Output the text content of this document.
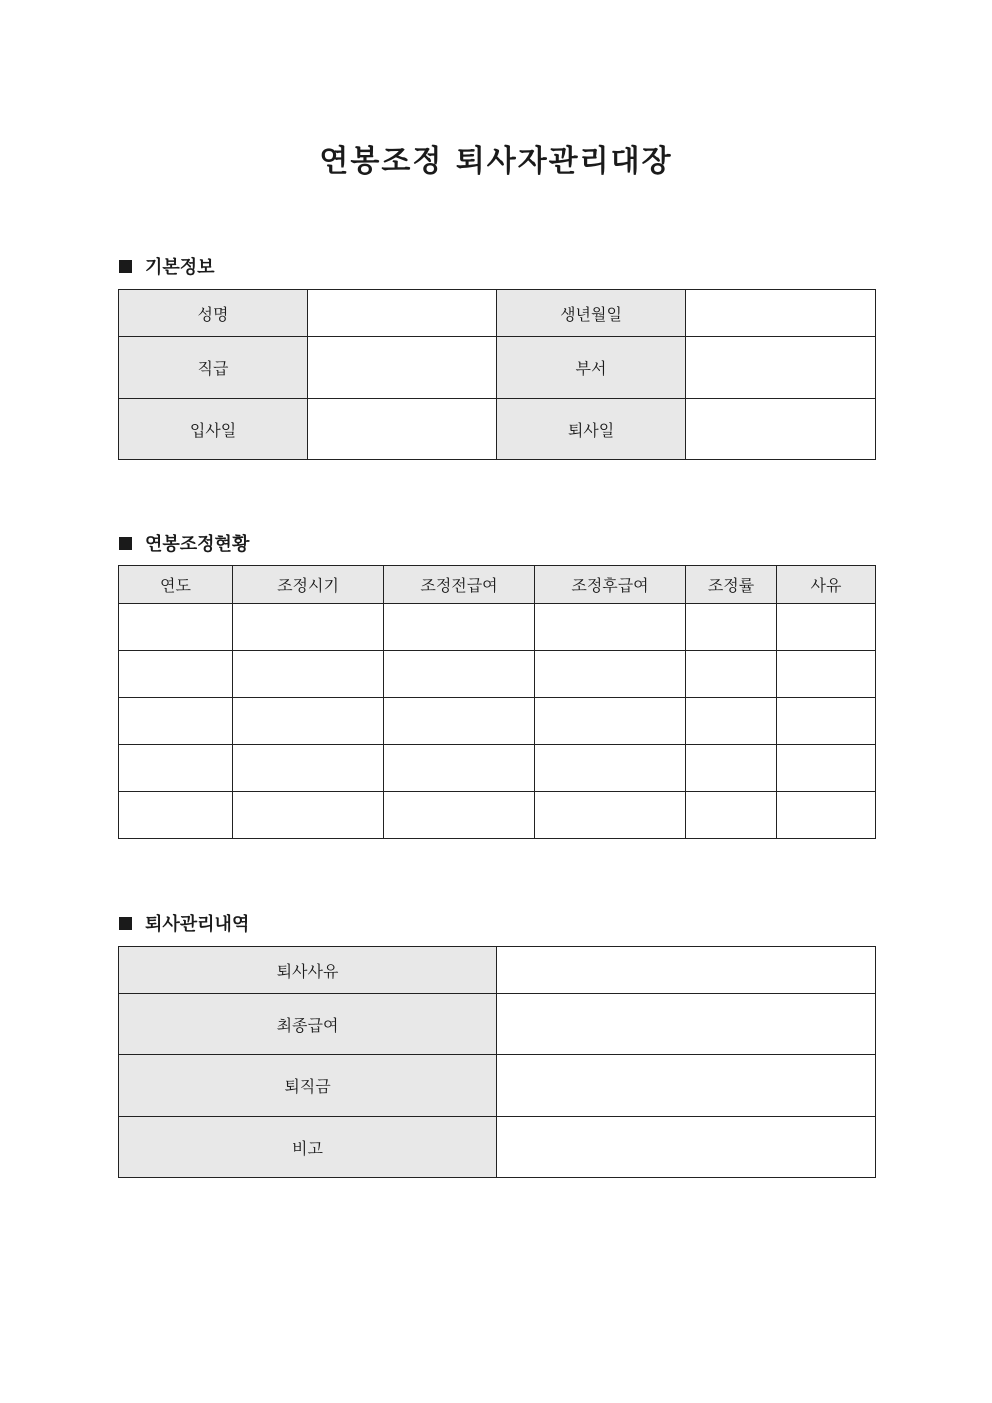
연봉조정 퇴사자관리대장
기본정보
성명		생년월일	
직급		부서	
입사일		퇴사일	
연봉조정현황
연도	조정시기	조정전급여	조정후급여	조정률	사유

퇴사관리내역
퇴사사유	
최종급여	
퇴직금	
비고	
